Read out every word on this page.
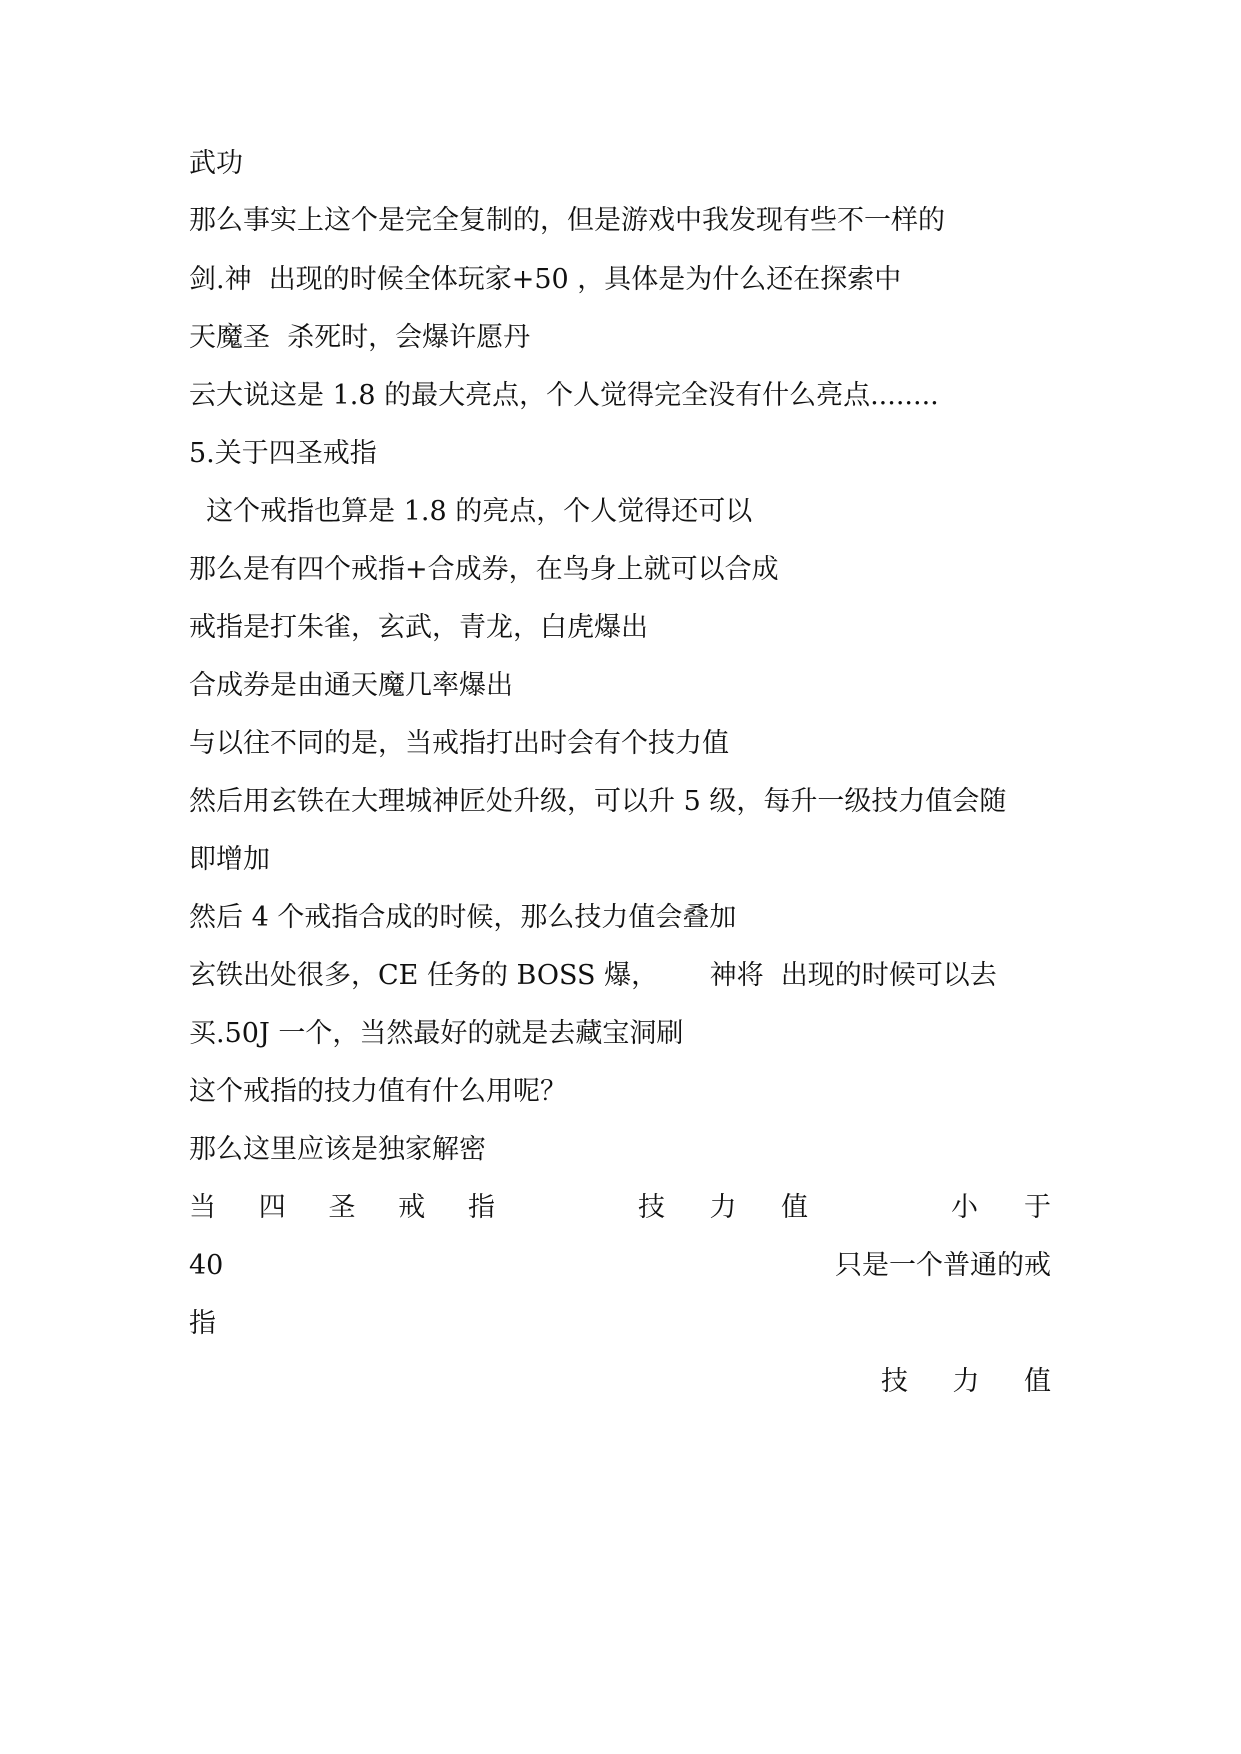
武功

那么事实上这个是完全复制的，但是游戏中我发现有些不一样的

剑.神  出现的时候全体玩家+50 ，具体是为什么还在探索中

天魔圣  杀死时，会爆许愿丹

云大说这是 1.8 的最大亮点，个人觉得完全没有什么亮点........

5.关于四圣戒指

这个戒指也算是 1.8 的亮点，个人觉得还可以

那么是有四个戒指+合成券，在鸟身上就可以合成

戒指是打朱雀，玄武，青龙，白虎爆出

合成券是由通天魔几率爆出

与以往不同的是，当戒指打出时会有个技力值

然后用玄铁在大理城神匠处升级，可以升 5 级，每升一级技力值会随

即增加

然后 4 个戒指合成的时候，那么技力值会叠加

玄铁出处很多，CE 任务的 BOSS 爆，      神将  出现的时候可以去

买.50J 一个，当然最好的就是去藏宝洞刷

这个戒指的技力值有什么用呢？

那么这里应该是独家解密

当 四 圣 戒 指	技 力 值	小 于
40	只是一个普通的戒

指

技 力 值
